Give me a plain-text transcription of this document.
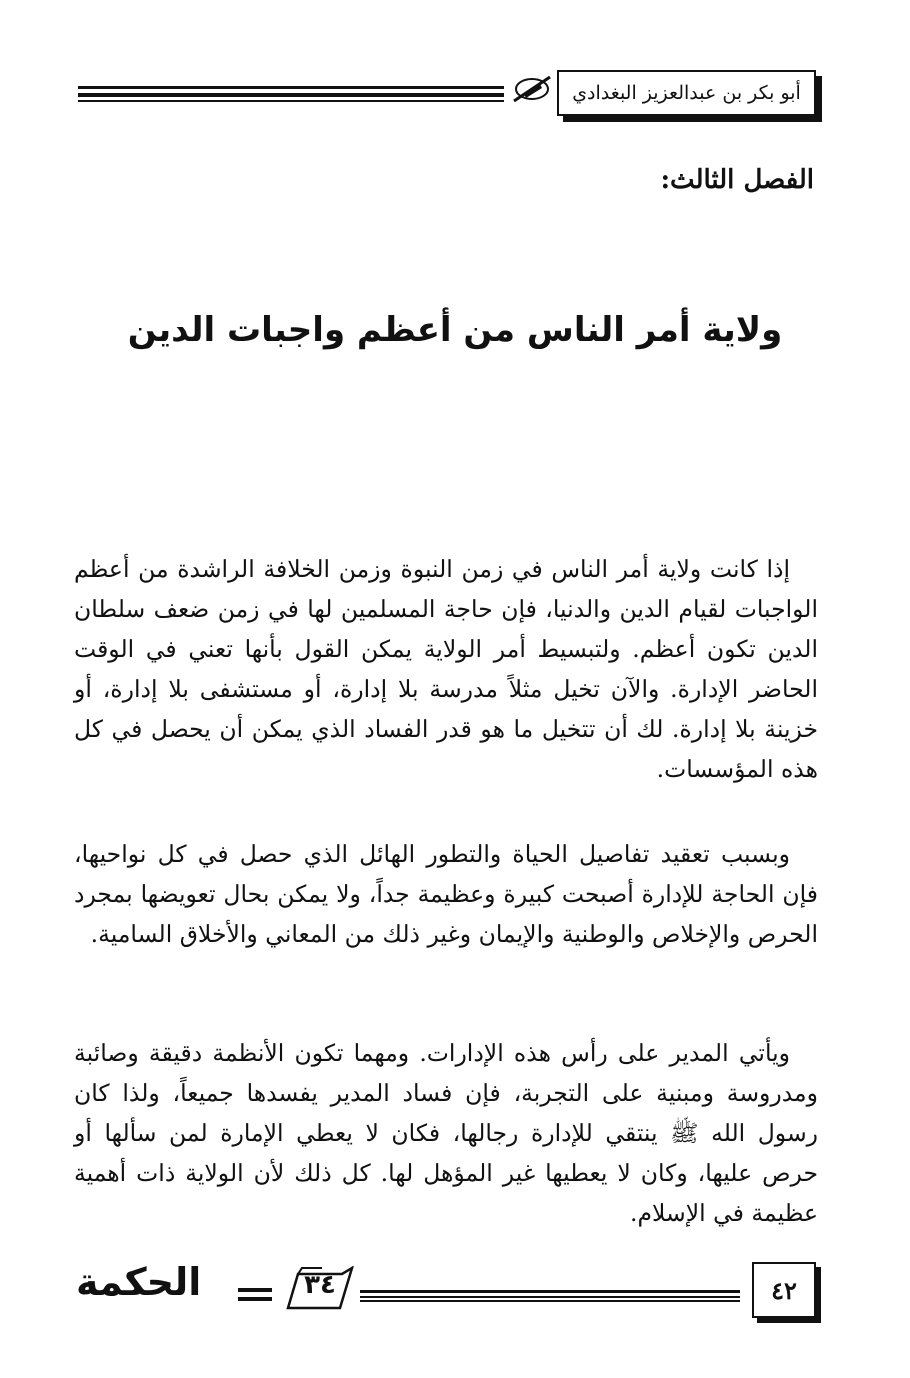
أبو بكر بن عبدالعزيز البغدادي
الفصل الثالث:
ولاية أمر الناس من أعظم واجبات الدين
إذا كانت ولاية أمر الناس في زمن النبوة وزمن الخلافة الراشدة من أعظم الواجبات لقيام الدين والدنيا، فإن حاجة المسلمين لها في زمن ضعف سلطان الدين تكون أعظم. ولتبسيط أمر الولاية يمكن القول بأنها تعني في الوقت الحاضر الإدارة. والآن تخيل مثلاً مدرسة بلا إدارة، أو مستشفى بلا إدارة، أو خزينة بلا إدارة. لك أن تتخيل ما هو قدر الفساد الذي يمكن أن يحصل في كل هذه المؤسسات.
وبسبب تعقيد تفاصيل الحياة والتطور الهائل الذي حصل في كل نواحيها، فإن الحاجة للإدارة أصبحت كبيرة وعظيمة جداً، ولا يمكن بحال تعويضها بمجرد الحرص والإخلاص والوطنية والإيمان وغير ذلك من المعاني والأخلاق السامية.
ويأتي المدير على رأس هذه الإدارات. ومهما تكون الأنظمة دقيقة وصائبة ومدروسة ومبنية على التجربة، فإن فساد المدير يفسدها جميعاً، ولذا كان رسول الله ﷺ ينتقي للإدارة رجالها، فكان لا يعطي الإمارة لمن سألها أو حرص عليها، وكان لا يعطيها غير المؤهل لها. كل ذلك لأن الولاية ذات أهمية عظيمة في الإسلام.
الحكمة	٣٤	٤٢
